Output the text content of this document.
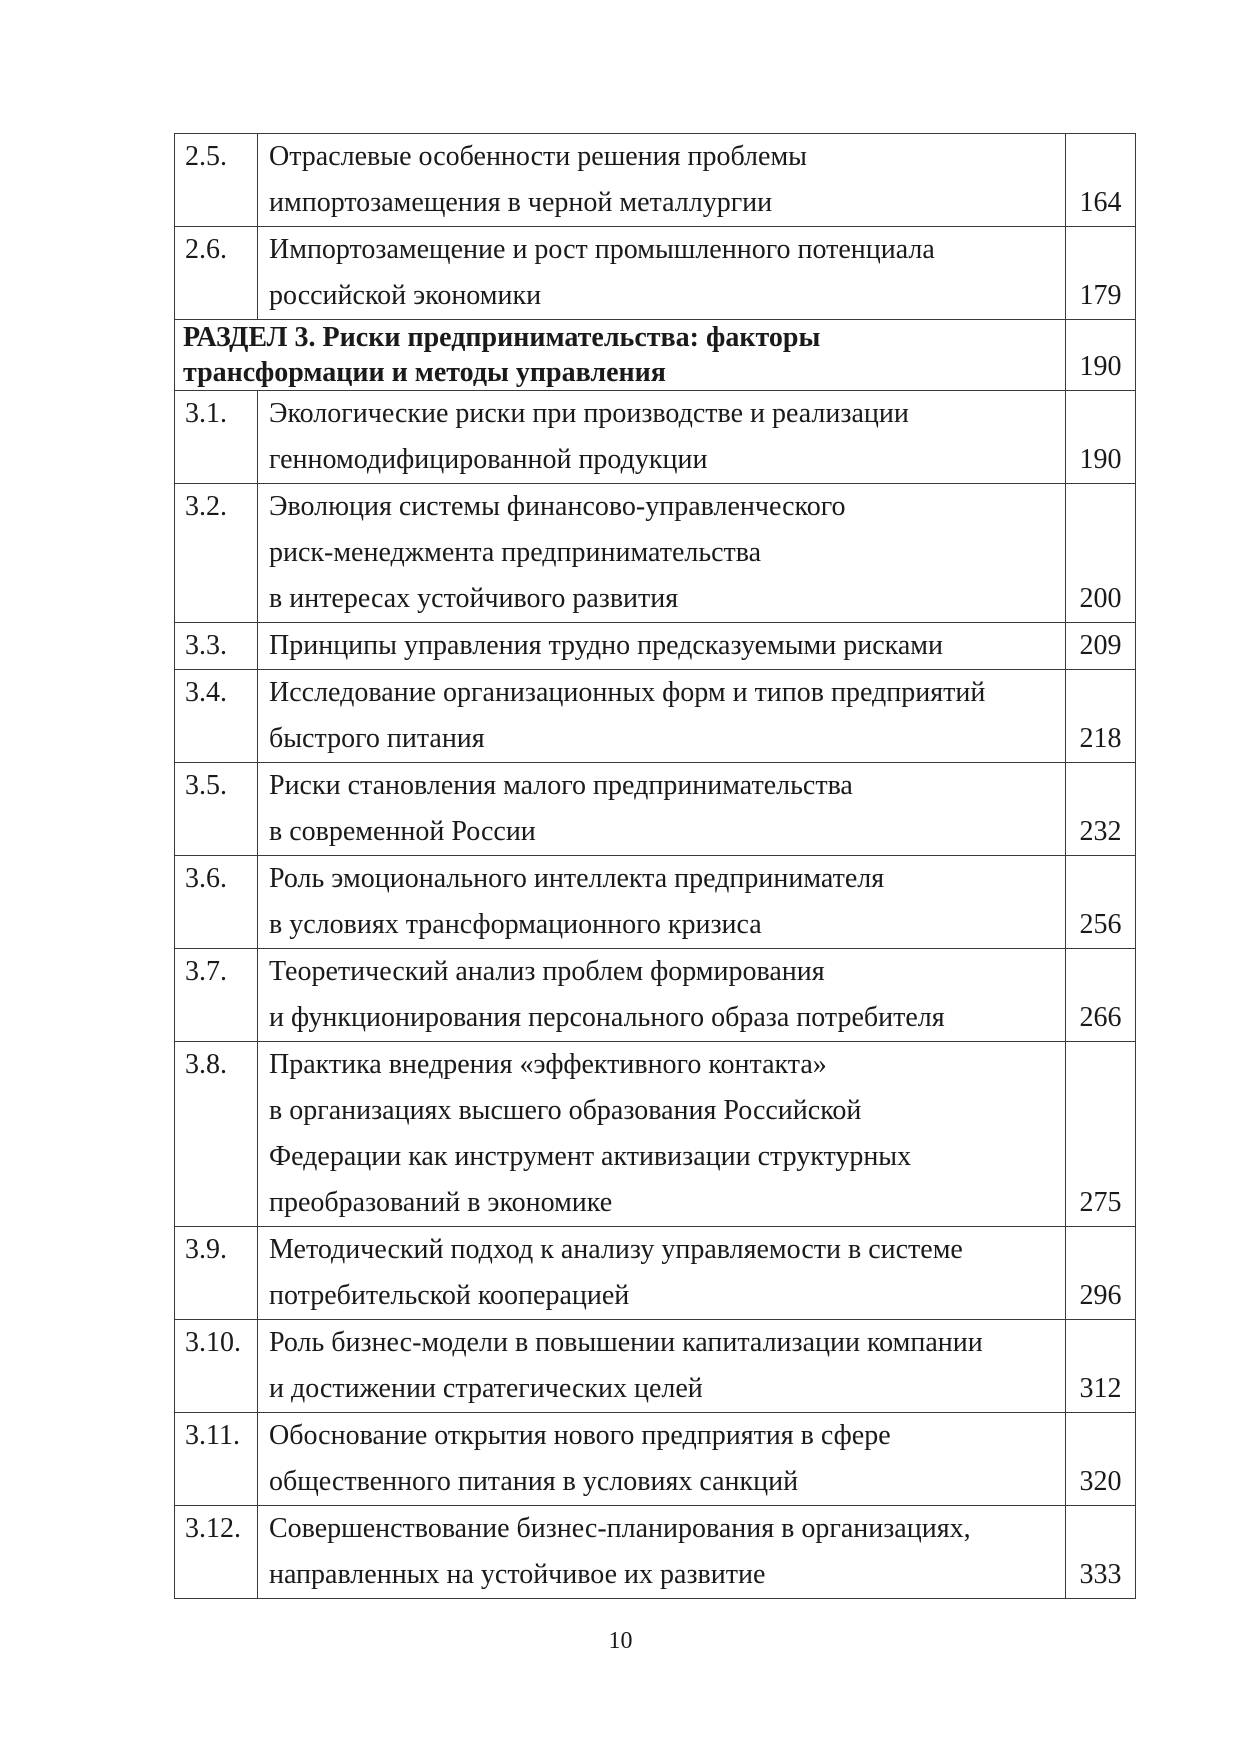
2.5.	Отраслевые особенности решения проблемы
импортозамещения в черной металлургии	164
2.6.	Импортозамещение и рост промышленного потенциала
российской экономики	179

РАЗДЕЛ 3. Риски предпринимательства: факторы
трансформации и методы управления		190
3.1.	Экологические риски при производстве и реализации
генномодифицированной продукции	190
3.2.	Эволюция системы финансово-управленческого
риск-менеджмента предпринимательства
в интересах устойчивого развития	200
3.3.	Принципы управления трудно предсказуемыми рисками	209
3.4.	Исследование организационных форм и типов предприятий
быстрого питания	218
3.5.	Риски становления малого предпринимательства
в современной России	232
3.6.	Роль эмоционального интеллекта предпринимателя
в условиях трансформационного кризиса	256
3.7.	Теоретический анализ проблем формирования
и функционирования персонального образа потребителя	266
3.8.	Практика внедрения «эффективного контакта»
в организациях высшего образования Российской
Федерации как инструмент активизации структурных
преобразований в экономике	275
3.9.	Методический подход к анализу управляемости в системе
потребительской кооперацией	296
3.10.	Роль бизнес-модели в повышении капитализации компании
и достижении стратегических целей	312
3.11.	Обоснование открытия нового предприятия в сфере
общественного питания в условиях санкций	320
3.12.	Совершенствование бизнес-планирования в организациях,
направленных на устойчивое их развитие	333
10
